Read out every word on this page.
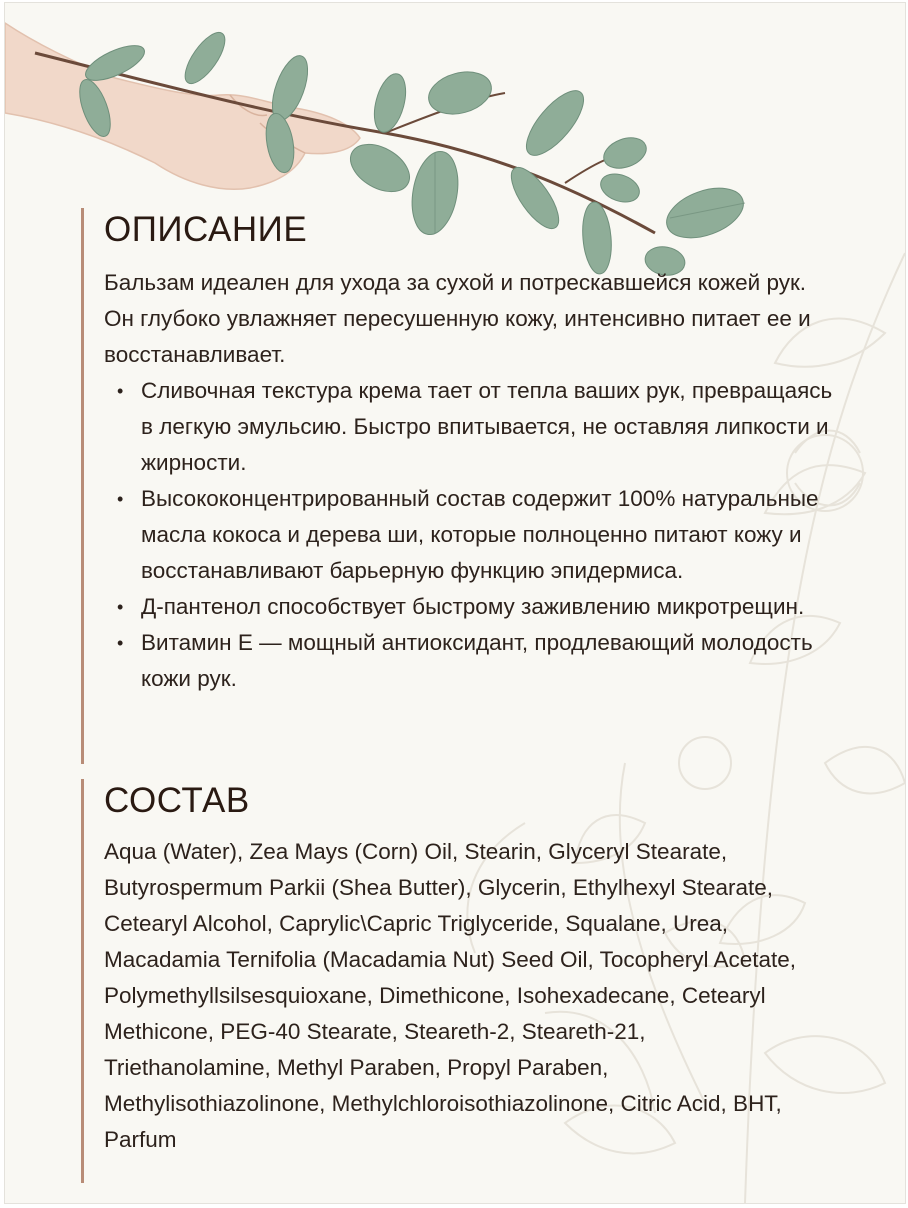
ОПИСАНИЕ

Бальзам идеален для ухода за сухой и потрескавшейся кожей рук. Он глубоко увлажняет пересушенную кожу, интенсивно питает ее и восстанавливает.

• Сливочная текстура крема тает от тепла ваших рук, превращаясь в легкую эмульсию. Быстро впитывается, не оставляя липкости и жирности.
• Высококонцентрированный состав содержит 100% натуральные масла кокоса и дерева ши, которые полноценно питают кожу и восстанавливают барьерную функцию эпидермиса.
• Д-пантенол способствует быстрому заживлению микротрещин.
• Витамин Е — мощный антиоксидант, продлевающий молодость кожи рук.
СОСТАВ

Aqua (Water), Zea Mays (Corn) Oil, Stearin, Glyceryl Stearate, Butyrospermum Parkii (Shea Butter), Glycerin, Ethylhexyl Stearate, Cetearyl Alcohol, Caprylic\Capric Triglyceride, Squalane, Urea, Macadamia Ternifolia (Macadamia Nut) Seed Oil, Tocopheryl Acetate, Polymethyllsilsesquioxane, Dimethicone, Isohexadecane, Cetearyl Methicone, PEG-40 Stearate, Steareth-2, Steareth-21, Triethanolamine, Methyl Paraben, Propyl Paraben, Methylisothiazolinone, Methylchloroisothiazolinone, Citric Acid, BHT, Parfum
